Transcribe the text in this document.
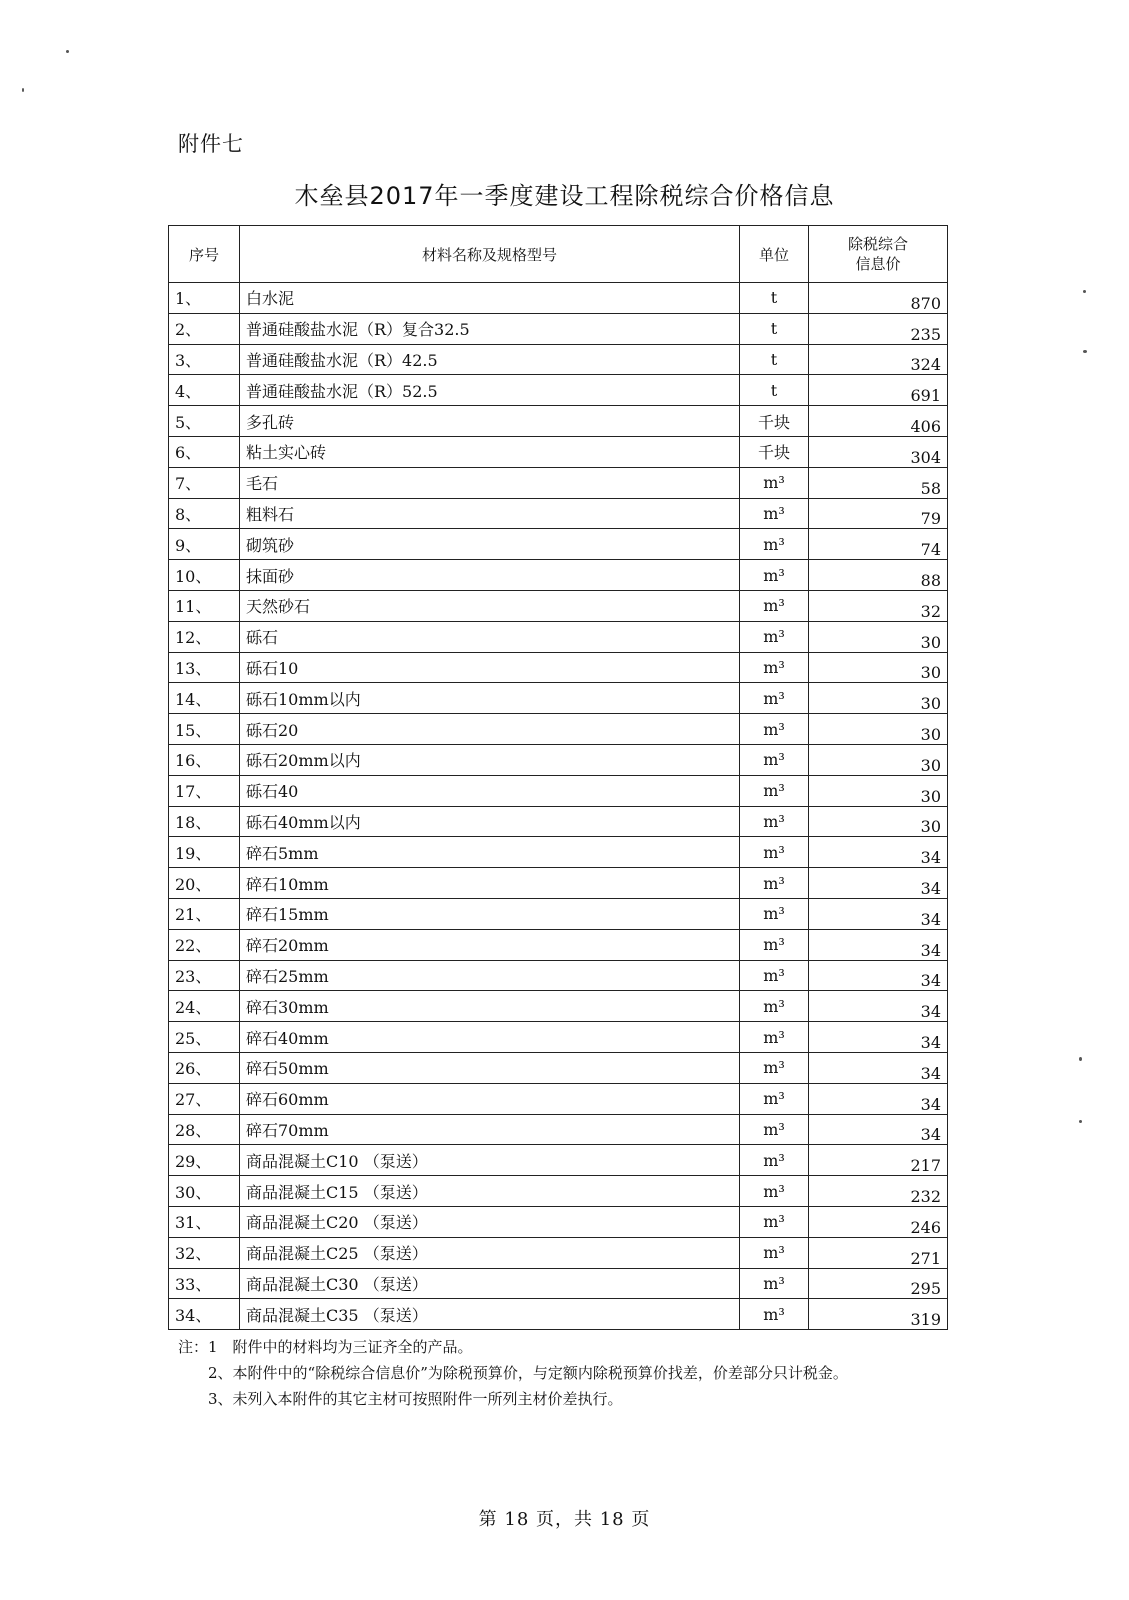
附件七
木垒县2017年一季度建设工程除税综合价格信息
序号	材料名称及规格型号	单位	除税综合
信息价

1、	白水泥	t	870
2、	普通硅酸盐水泥（R）复合32.5	t	235
3、	普通硅酸盐水泥（R）42.5	t	324
4、	普通硅酸盐水泥（R）52.5	t	691
5、	多孔砖	千块	406
6、	粘土实心砖	千块	304
7、	毛石	m³	58
8、	粗料石	m³	79
9、	砌筑砂	m³	74
10、	抹面砂	m³	88
11、	天然砂石	m³	32
12、	砾石	m³	30
13、	砾石10	m³	30
14、	砾石10mm以内	m³	30
15、	砾石20	m³	30
16、	砾石20mm以内	m³	30
17、	砾石40	m³	30
18、	砾石40mm以内	m³	30
19、	碎石5mm	m³	34
20、	碎石10mm	m³	34
21、	碎石15mm	m³	34
22、	碎石20mm	m³	34
23、	碎石25mm	m³	34
24、	碎石30mm	m³	34
25、	碎石40mm	m³	34
26、	碎石50mm	m³	34
27、	碎石60mm	m³	34
28、	碎石70mm	m³	34
29、	商品混凝土C10 （泵送）	m³	217
30、	商品混凝土C15 （泵送）	m³	232
31、	商品混凝土C20 （泵送）	m³	246
32、	商品混凝土C25 （泵送）	m³	271
33、	商品混凝土C30 （泵送）	m³	295
34、	商品混凝土C35 （泵送）	m³	319

注：1　附件中的材料均为三证齐全的产品。

2、本附件中的“除税综合信息价”为除税预算价，与定额内除税预算价找差，价差部分只计税金。

3、未列入本附件的其它主材可按照附件一所列主材价差执行。

第 18 页，共 18 页
